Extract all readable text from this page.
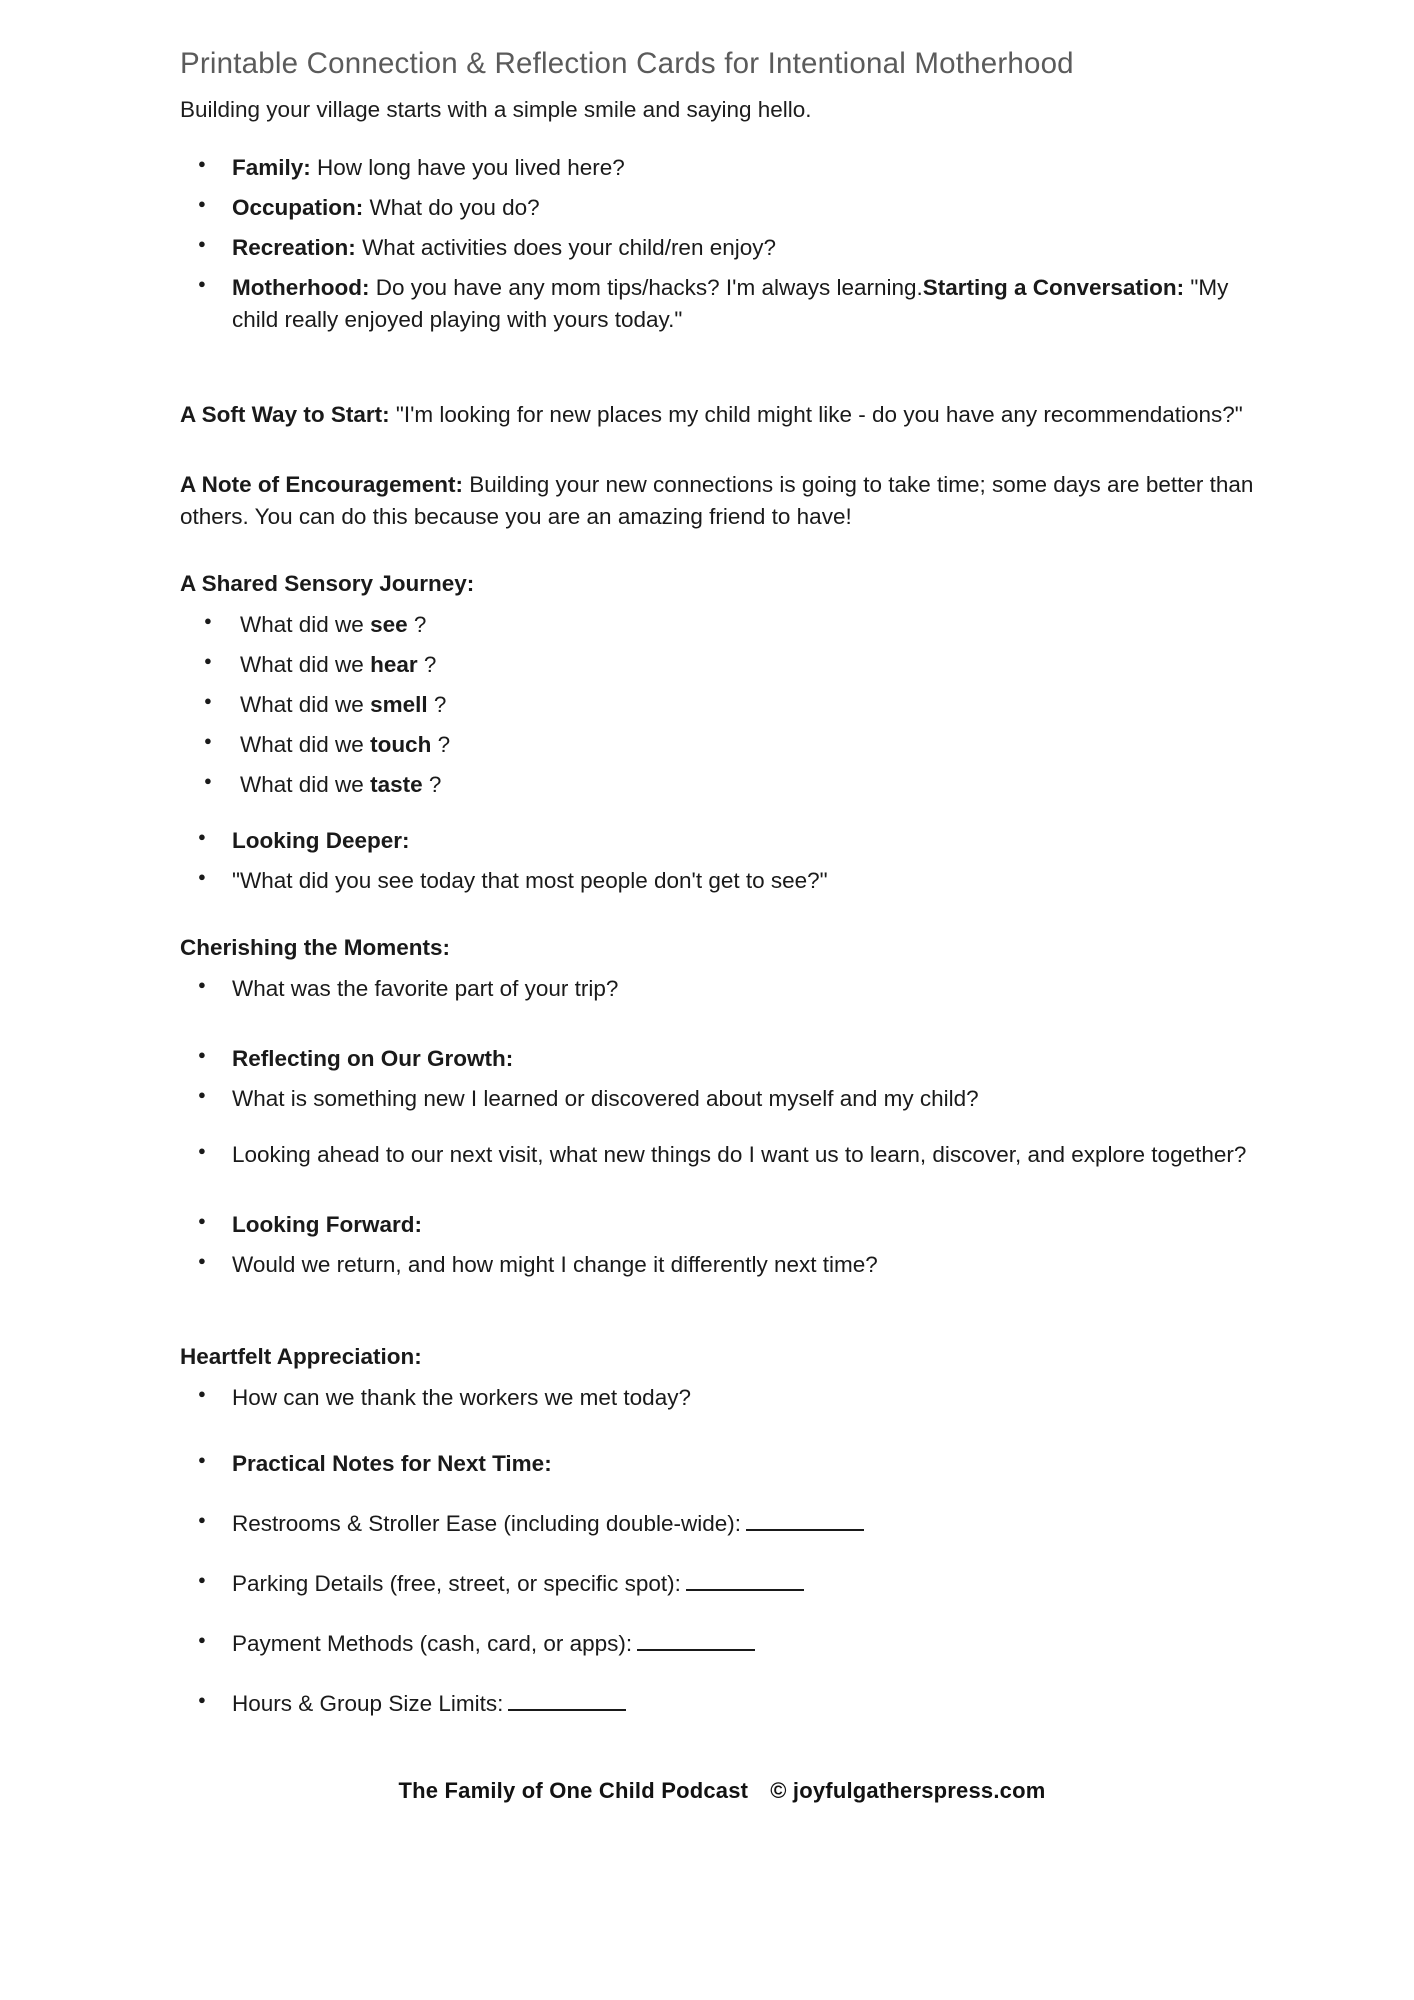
Printable Connection & Reflection Cards for Intentional Motherhood

Building your village starts with a simple smile and saying hello.

● Family: How long have you lived here?
● Occupation: What do you do?
● Recreation: What activities does your child/ren enjoy?
● Motherhood: Do you have any mom tips/hacks? I'm always learning.Starting a Conversation: "My child really enjoyed playing with yours today."

A Soft Way to Start: "I'm looking for new places my child might like - do you have any recommendations?"

A Note of Encouragement: Building your new connections is going to take time; some days are better than others. You can do this because you are an amazing friend to have!

A Shared Sensory Journey:
● What did we see ?
● What did we hear ?
● What did we smell ?
● What did we touch ?
● What did we taste ?
● Looking Deeper:
● "What did you see today that most people don't get to see?"
Cherishing the Moments:
● What was the favorite part of your trip?
● Reflecting on Our Growth:
● What is something new I learned or discovered about myself and my child?
● Looking ahead to our next visit, what new things do I want us to learn, discover, and explore together?
● Looking Forward:
● Would we return, and how might I change it differently next time?
Heartfelt Appreciation:
● How can we thank the workers we met today?
● Practical Notes for Next Time:
● Restrooms & Stroller Ease (including double-wide):
● Parking Details (free, street, or specific spot):
● Payment Methods (cash, card, or apps):
● Hours & Group Size Limits:
The Family of One Child Podcast © joyfulgatherspress.com
